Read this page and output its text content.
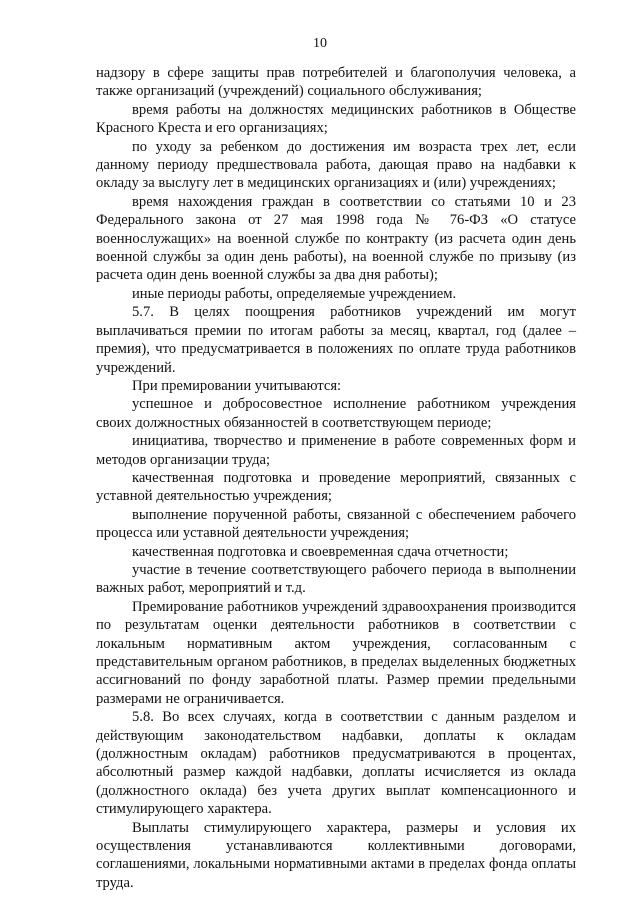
10

надзору в сфере защиты прав потребителей и благополучия человека, а также организаций (учреждений) социального обслуживания;

время работы на должностях медицинских работников в Обществе Красного Креста и его организациях;

по уходу за ребенком до достижения им возраста трех лет, если данному периоду предшествовала работа, дающая право на надбавки к окладу за выслугу лет в медицинских организациях и (или) учреждениях;

время нахождения граждан в соответствии со статьями 10 и 23 Федерального закона от 27 мая 1998 года № 76-ФЗ «О статусе военнослужащих» на военной службе по контракту (из расчета один день военной службы за один день работы), на военной службе по призыву (из расчета один день военной службы за два дня работы);

иные периоды работы, определяемые учреждением.

5.7. В целях поощрения работников учреждений им могут выплачиваться премии по итогам работы за месяц, квартал, год (далее – премия), что предусматривается в положениях по оплате труда работников учреждений.

При премировании учитываются:

успешное и добросовестное исполнение работником учреждения своих должностных обязанностей в соответствующем периоде;

инициатива, творчество и применение в работе современных форм и методов организации труда;

качественная подготовка и проведение мероприятий, связанных с уставной деятельностью учреждения;

выполнение порученной работы, связанной с обеспечением рабочего процесса или уставной деятельности учреждения;

качественная подготовка и своевременная сдача отчетности;

участие в течение соответствующего рабочего периода в выполнении важных работ, мероприятий и т.д.

Премирование работников учреждений здравоохранения производится по результатам оценки деятельности работников в соответствии с локальным нормативным актом учреждения, согласованным с представительным органом работников, в пределах выделенных бюджетных ассигнований по фонду заработной платы. Размер премии предельными размерами не ограничивается.

5.8. Во всех случаях, когда в соответствии с данным разделом и действующим законодательством надбавки, доплаты к окладам (должностным окладам) работников предусматриваются в процентах, абсолютный размер каждой надбавки, доплаты исчисляется из оклада (должностного оклада) без учета других выплат компенсационного и стимулирующего характера.

Выплаты стимулирующего характера, размеры и условия их осуществления устанавливаются коллективными договорами, соглашениями, локальными нормативными актами в пределах фонда оплаты труда.
